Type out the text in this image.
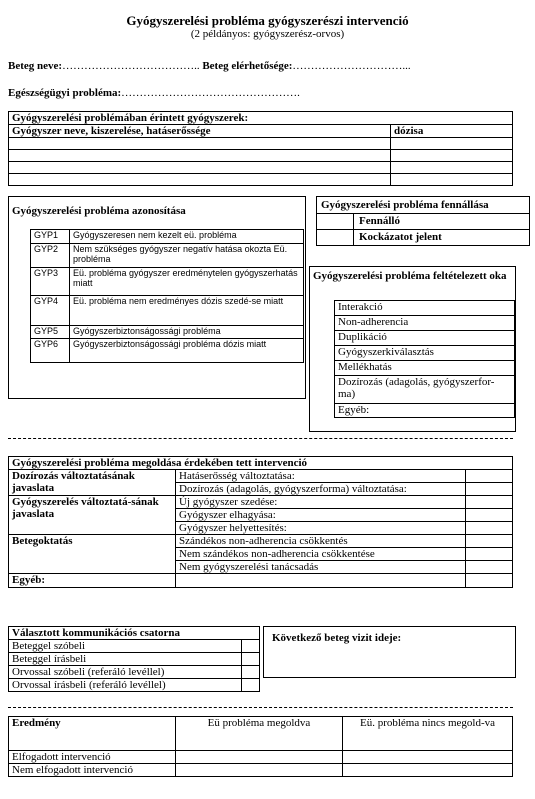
Gyógyszerelési probléma gyógyszerészi intervenció
(2 példányos: gyógyszerész-orvos)
Beteg neve:……………………………….. Beteg elérhetősége:…………………………...
Egészségügyi probléma:………………………………………….
Gyógyszerelési problémában érintett gyógyszerek:	
Gyógyszer neve, kiszerelése, hatáserőssége	dózisa

Gyógyszerelési probléma azonosítása
GYP1	Gyógyszeresen nem kezelt eü. probléma
GYP2	Nem szükséges gyógyszer negatív hatása okozta Eü. probléma
GYP3	Eü. probléma gyógyszer eredménytelen gyógyszerhatás miatt
GYP4	Eü. probléma nem eredményes dózis szedé-se miatt
GYP5	Gyógyszerbiztonságossági probléma
GYP6	Gyógyszerbiztonságossági probléma dózis miatt
Gyógyszerelési probléma fennállása
Fennálló
Kockázatot jelent
Gyógyszerelési probléma feltételezett oka
Interakció
Non-adherencia
Duplikáció
Gyógyszerkiválasztás
Mellékhatás
Dozírozás (adagolás, gyógyszerfor-ma)
Egyéb:
Gyógyszerelési probléma megoldása érdekében tett intervenció		
Dozírozás változtatásának javaslata	Hatáserősség változtatása:	
	Dozírozás (adagolás, gyógyszerforma) változtatása:	
Gyógyszerelés változtatá-sának javaslata	Új gyógyszer szedése:	
	Gyógyszer elhagyása:	
	Gyógyszer helyettesítés:	
Betegoktatás	Szándékos non-adherencia csökkentés	
	Nem szándékos non-adherencia csökkentése	
	Nem gyógyszerelési tanácsadás	
Egyéb:		
Választott kommunikációs csatorna	
Beteggel szóbeli	
Beteggel írásbeli	
Orvossal szóbeli (referáló levéllel)	
Orvossal írásbeli (referáló levéllel)	
Következő beteg vizit ideje:
Eredmény	Eü probléma megoldva	Eü. probléma nincs megold-va
Elfogadott intervenció		
Nem elfogadott intervenció		
